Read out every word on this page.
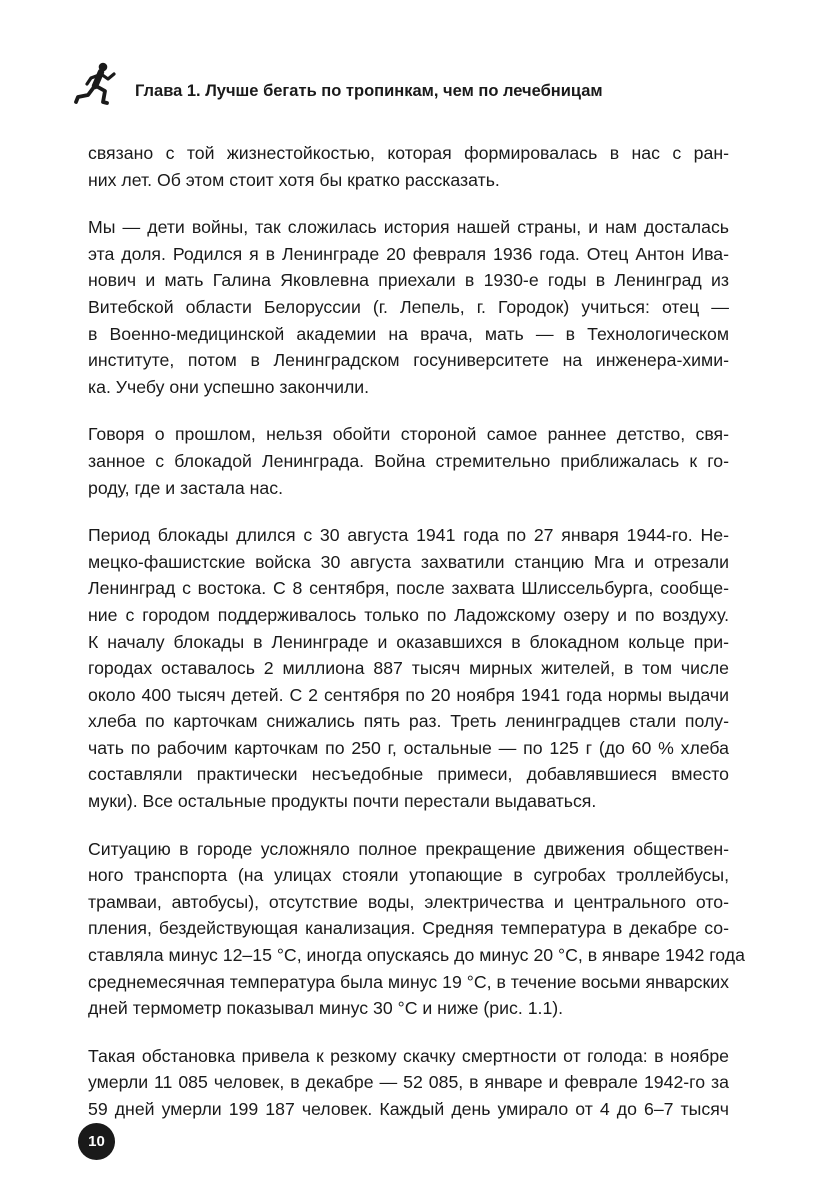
Глава 1. Лучше бегать по тропинкам, чем по лечебницам
связано с той жизнестойкостью, которая формировалась в нас с ран-
них лет. Об этом стоит хотя бы кратко рассказать.
Мы — дети войны, так сложилась история нашей страны, и нам досталась
эта доля. Родился я в Ленинграде 20 февраля 1936 года. Отец Антон Ива-
нович и мать Галина Яковлевна приехали в 1930-е годы в Ленинград из
Витебской области Белоруссии (г. Лепель, г. Городок) учиться: отец —
в Военно-медицинской академии на врача, мать — в Технологическом
институте, потом в Ленинградском госуниверситете на инженера-хими-
ка. Учебу они успешно закончили.
Говоря о прошлом, нельзя обойти стороной самое раннее детство, свя-
занное с блокадой Ленинграда. Война стремительно приближалась к го-
роду, где и застала нас.
Период блокады длился с 30 августа 1941 года по 27 января 1944-го. Не-
мецко-фашистские войска 30 августа захватили станцию Мга и отрезали
Ленинград с востока. С 8 сентября, после захвата Шлиссельбурга, сообще-
ние с городом поддерживалось только по Ладожскому озеру и по воздуху.
К началу блокады в Ленинграде и оказавшихся в блокадном кольце при-
городах оставалось 2 миллиона 887 тысяч мирных жителей, в том числе
около 400 тысяч детей. С 2 сентября по 20 ноября 1941 года нормы выдачи
хлеба по карточкам снижались пять раз. Треть ленинградцев стали полу-
чать по рабочим карточкам по 250 г, остальные — по 125 г (до 60 % хлеба
составляли практически несъедобные примеси, добавлявшиеся вместо
муки). Все остальные продукты почти перестали выдаваться.
Ситуацию в городе усложняло полное прекращение движения обществен-
ного транспорта (на улицах стояли утопающие в сугробах троллейбусы,
трамваи, автобусы), отсутствие воды, электричества и центрального ото-
пления, бездействующая канализация. Средняя температура в декабре со-
ставляла минус 12–15 °С, иногда опускаясь до минус 20 °С, в январе 1942 года
среднемесячная температура была минус 19 °С, в течение восьми январских
дней термометр показывал минус 30 °С и ниже (рис. 1.1).
Такая обстановка привела к резкому скачку смертности от голода: в ноябре
умерли 11 085 человек, в декабре — 52 085, в январе и феврале 1942-го за
59 дней умерли 199 187 человек. Каждый день умирало от 4 до 6–7 тысяч
10
